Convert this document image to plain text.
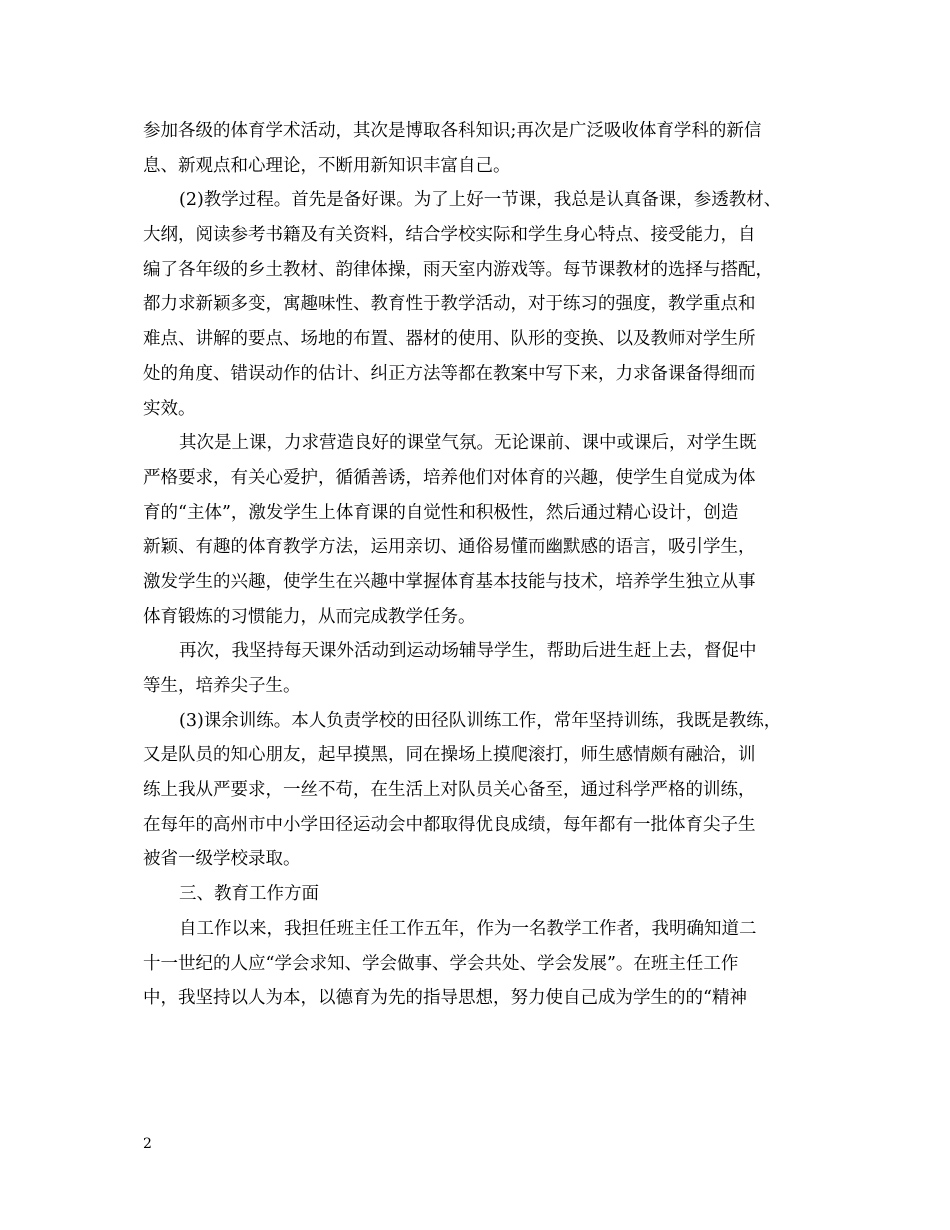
参加各级的体育学术活动，其次是博取各科知识;再次是广泛吸收体育学科的新信
息、新观点和心理论，不断用新知识丰富自己。
(2)教学过程。首先是备好课。为了上好一节课，我总是认真备课，参透教材、
大纲，阅读参考书籍及有关资料，结合学校实际和学生身心特点、接受能力，自
编了各年级的乡土教材、韵律体操，雨天室内游戏等。每节课教材的选择与搭配，
都力求新颖多变，寓趣味性、教育性于教学活动，对于练习的强度，教学重点和
难点、讲解的要点、场地的布置、器材的使用、队形的变换、以及教师对学生所
处的角度、错误动作的估计、纠正方法等都在教案中写下来，力求备课备得细而
实效。
其次是上课，力求营造良好的课堂气氛。无论课前、课中或课后，对学生既
严格要求，有关心爱护，循循善诱，培养他们对体育的兴趣，使学生自觉成为体
育的“主体”，激发学生上体育课的自觉性和积极性，然后通过精心设计，创造
新颖、有趣的体育教学方法，运用亲切、通俗易懂而幽默感的语言，吸引学生，
激发学生的兴趣，使学生在兴趣中掌握体育基本技能与技术，培养学生独立从事
体育锻炼的习惯能力，从而完成教学任务。
再次，我坚持每天课外活动到运动场辅导学生，帮助后进生赶上去，督促中
等生，培养尖子生。
(3)课余训练。本人负责学校的田径队训练工作，常年坚持训练，我既是教练，
又是队员的知心朋友，起早摸黑，同在操场上摸爬滚打，师生感情颇有融洽，训
练上我从严要求，一丝不苟，在生活上对队员关心备至，通过科学严格的训练，
在每年的高州市中小学田径运动会中都取得优良成绩，每年都有一批体育尖子生
被省一级学校录取。
三、教育工作方面
自工作以来，我担任班主任工作五年，作为一名教学工作者，我明确知道二
十一世纪的人应“学会求知、学会做事、学会共处、学会发展”。在班主任工作
中，我坚持以人为本，以德育为先的指导思想，努力使自己成为学生的的“精神
2
